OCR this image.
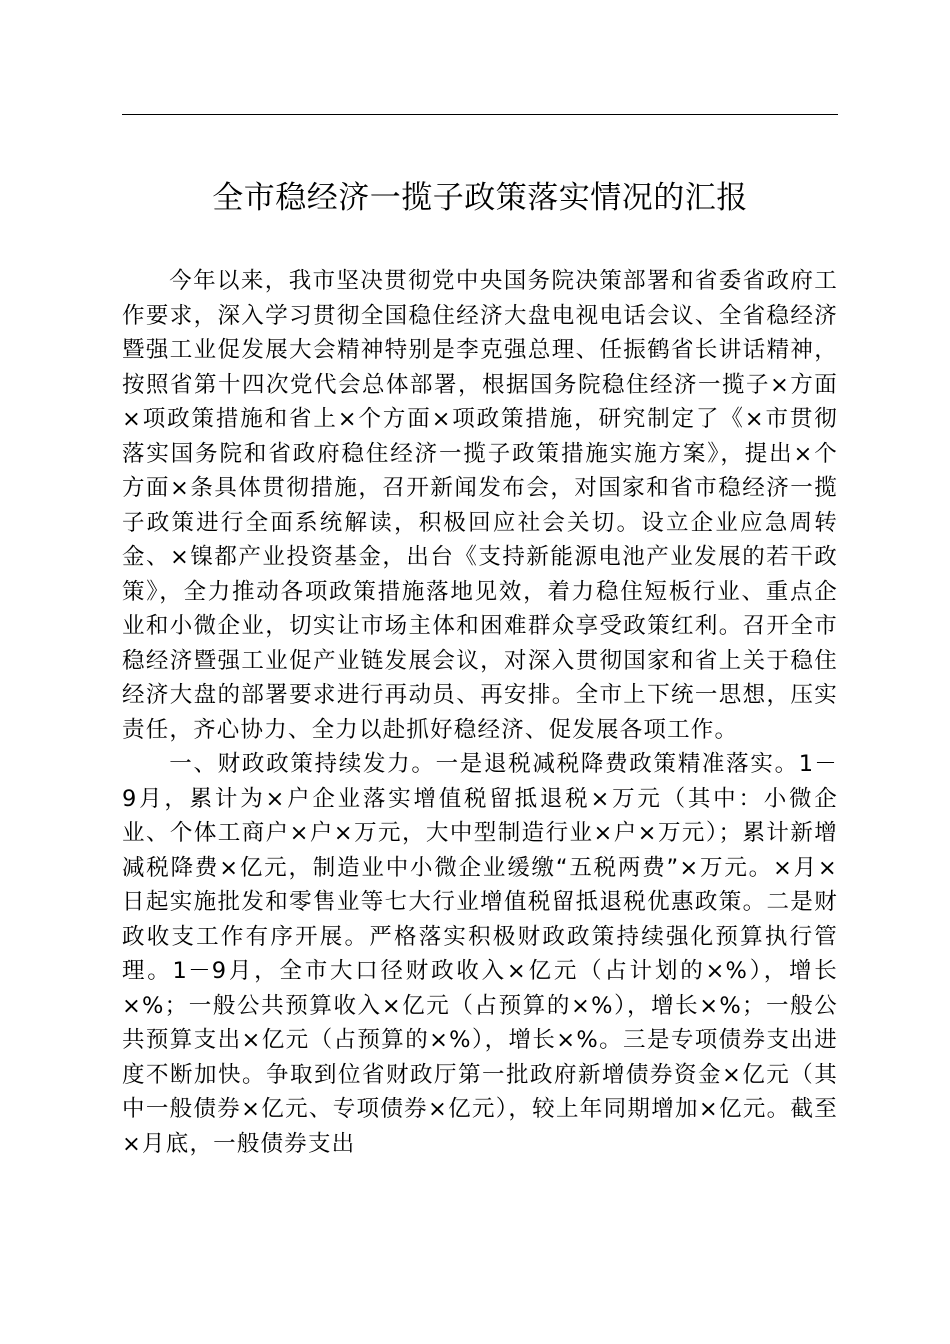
全市稳经济一揽子政策落实情况的汇报

今年以来，我市坚决贯彻党中央国务院决策部署和省委省政府工作要求，深入学习贯彻全国稳住经济大盘电视电话会议、全省稳经济暨强工业促发展大会精神特别是李克强总理、任振鹤省长讲话精神，按照省第十四次党代会总体部署，根据国务院稳住经济一揽子×方面×项政策措施和省上×个方面×项政策措施，研究制定了《×市贯彻落实国务院和省政府稳住经济一揽子政策措施实施方案》，提出×个方面×条具体贯彻措施，召开新闻发布会，对国家和省市稳经济一揽子政策进行全面系统解读，积极回应社会关切。设立企业应急周转金、×镍都产业投资基金，出台《支持新能源电池产业发展的若干政策》，全力推动各项政策措施落地见效，着力稳住短板行业、重点企业和小微企业，切实让市场主体和困难群众享受政策红利。召开全市稳经济暨强工业促产业链发展会议，对深入贯彻国家和省上关于稳住经济大盘的部署要求进行再动员、再安排。全市上下统一思想，压实责任，齐心协力、全力以赴抓好稳经济、促发展各项工作。

一、财政政策持续发力。一是退税减税降费政策精准落实。1－9月，累计为×户企业落实增值税留抵退税×万元（其中：小微企业、个体工商户×户×万元，大中型制造行业×户×万元）；累计新增减税降费×亿元，制造业中小微企业缓缴“五税两费”×万元。×月×日起实施批发和零售业等七大行业增值税留抵退税优惠政策。二是财政收支工作有序开展。严格落实积极财政政策持续强化预算执行管理。1－9月，全市大口径财政收入×亿元（占计划的×%），增长×%；一般公共预算收入×亿元（占预算的×%），增长×%；一般公共预算支出×亿元（占预算的×%），增长×%。三是专项债券支出进度不断加快。争取到位省财政厅第一批政府新增债券资金×亿元（其中一般债券×亿元、专项债券×亿元），较上年同期增加×亿元。截至×月底，一般债券支出
